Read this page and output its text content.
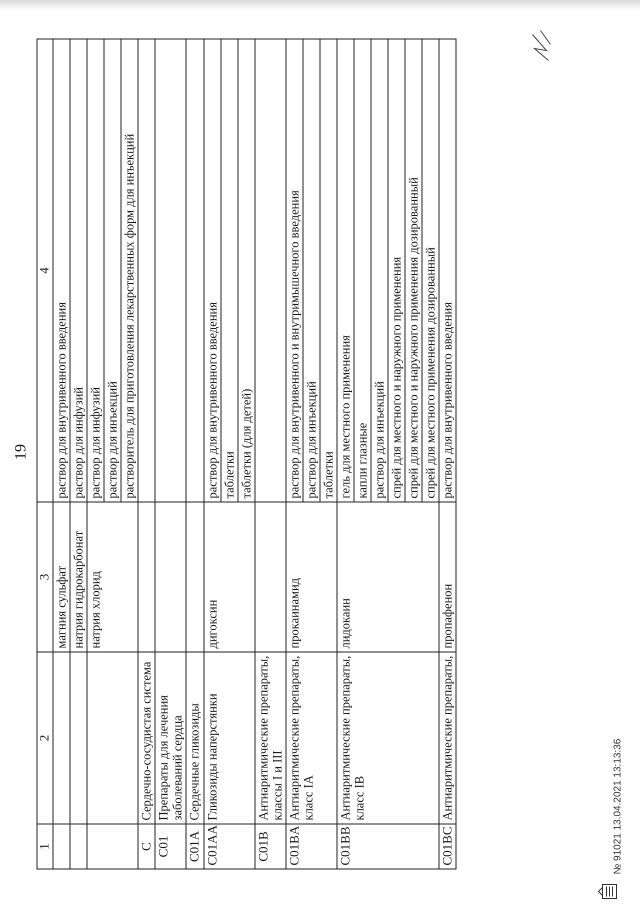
19
1	2	3	4
		магния сульфат	раствор для внутривенного введения
		натрия гидрокарбонат	раствор для инфузий
		натрия хлорид	раствор для инфузий
			раствор для инъекций
			растворитель для приготовления лекарственных форм для инъекций
C	Сердечно-сосудистая система		
C01	Препараты для лечения заболеваний сердца		
C01A	Сердечные гликозиды		
C01AA	Гликозиды наперстянки	дигоксин	раствор для внутривенного введения
			таблетки
			таблетки (для детей)
C01B	Антиаритмические препараты, классы I и III		
C01BA	Антиаритмические препараты, класс IA	прокаинамид	раствор для внутривенного и внутримышечного введения
			раствор для инъекций
			таблетки
C01BB	Антиаритмические препараты, класс IB	лидокаин	гель для местного применения
			капли глазные
			раствор для инъекций
			спрей для местного и наружного применения
			спрей для местного и наружного применения дозированный
			спрей для местного применения дозированный
C01BC	Антиаритмические препараты,	пропафенон	раствор для внутривенного введения
№ 91021 13.04.2021 13:13:36
